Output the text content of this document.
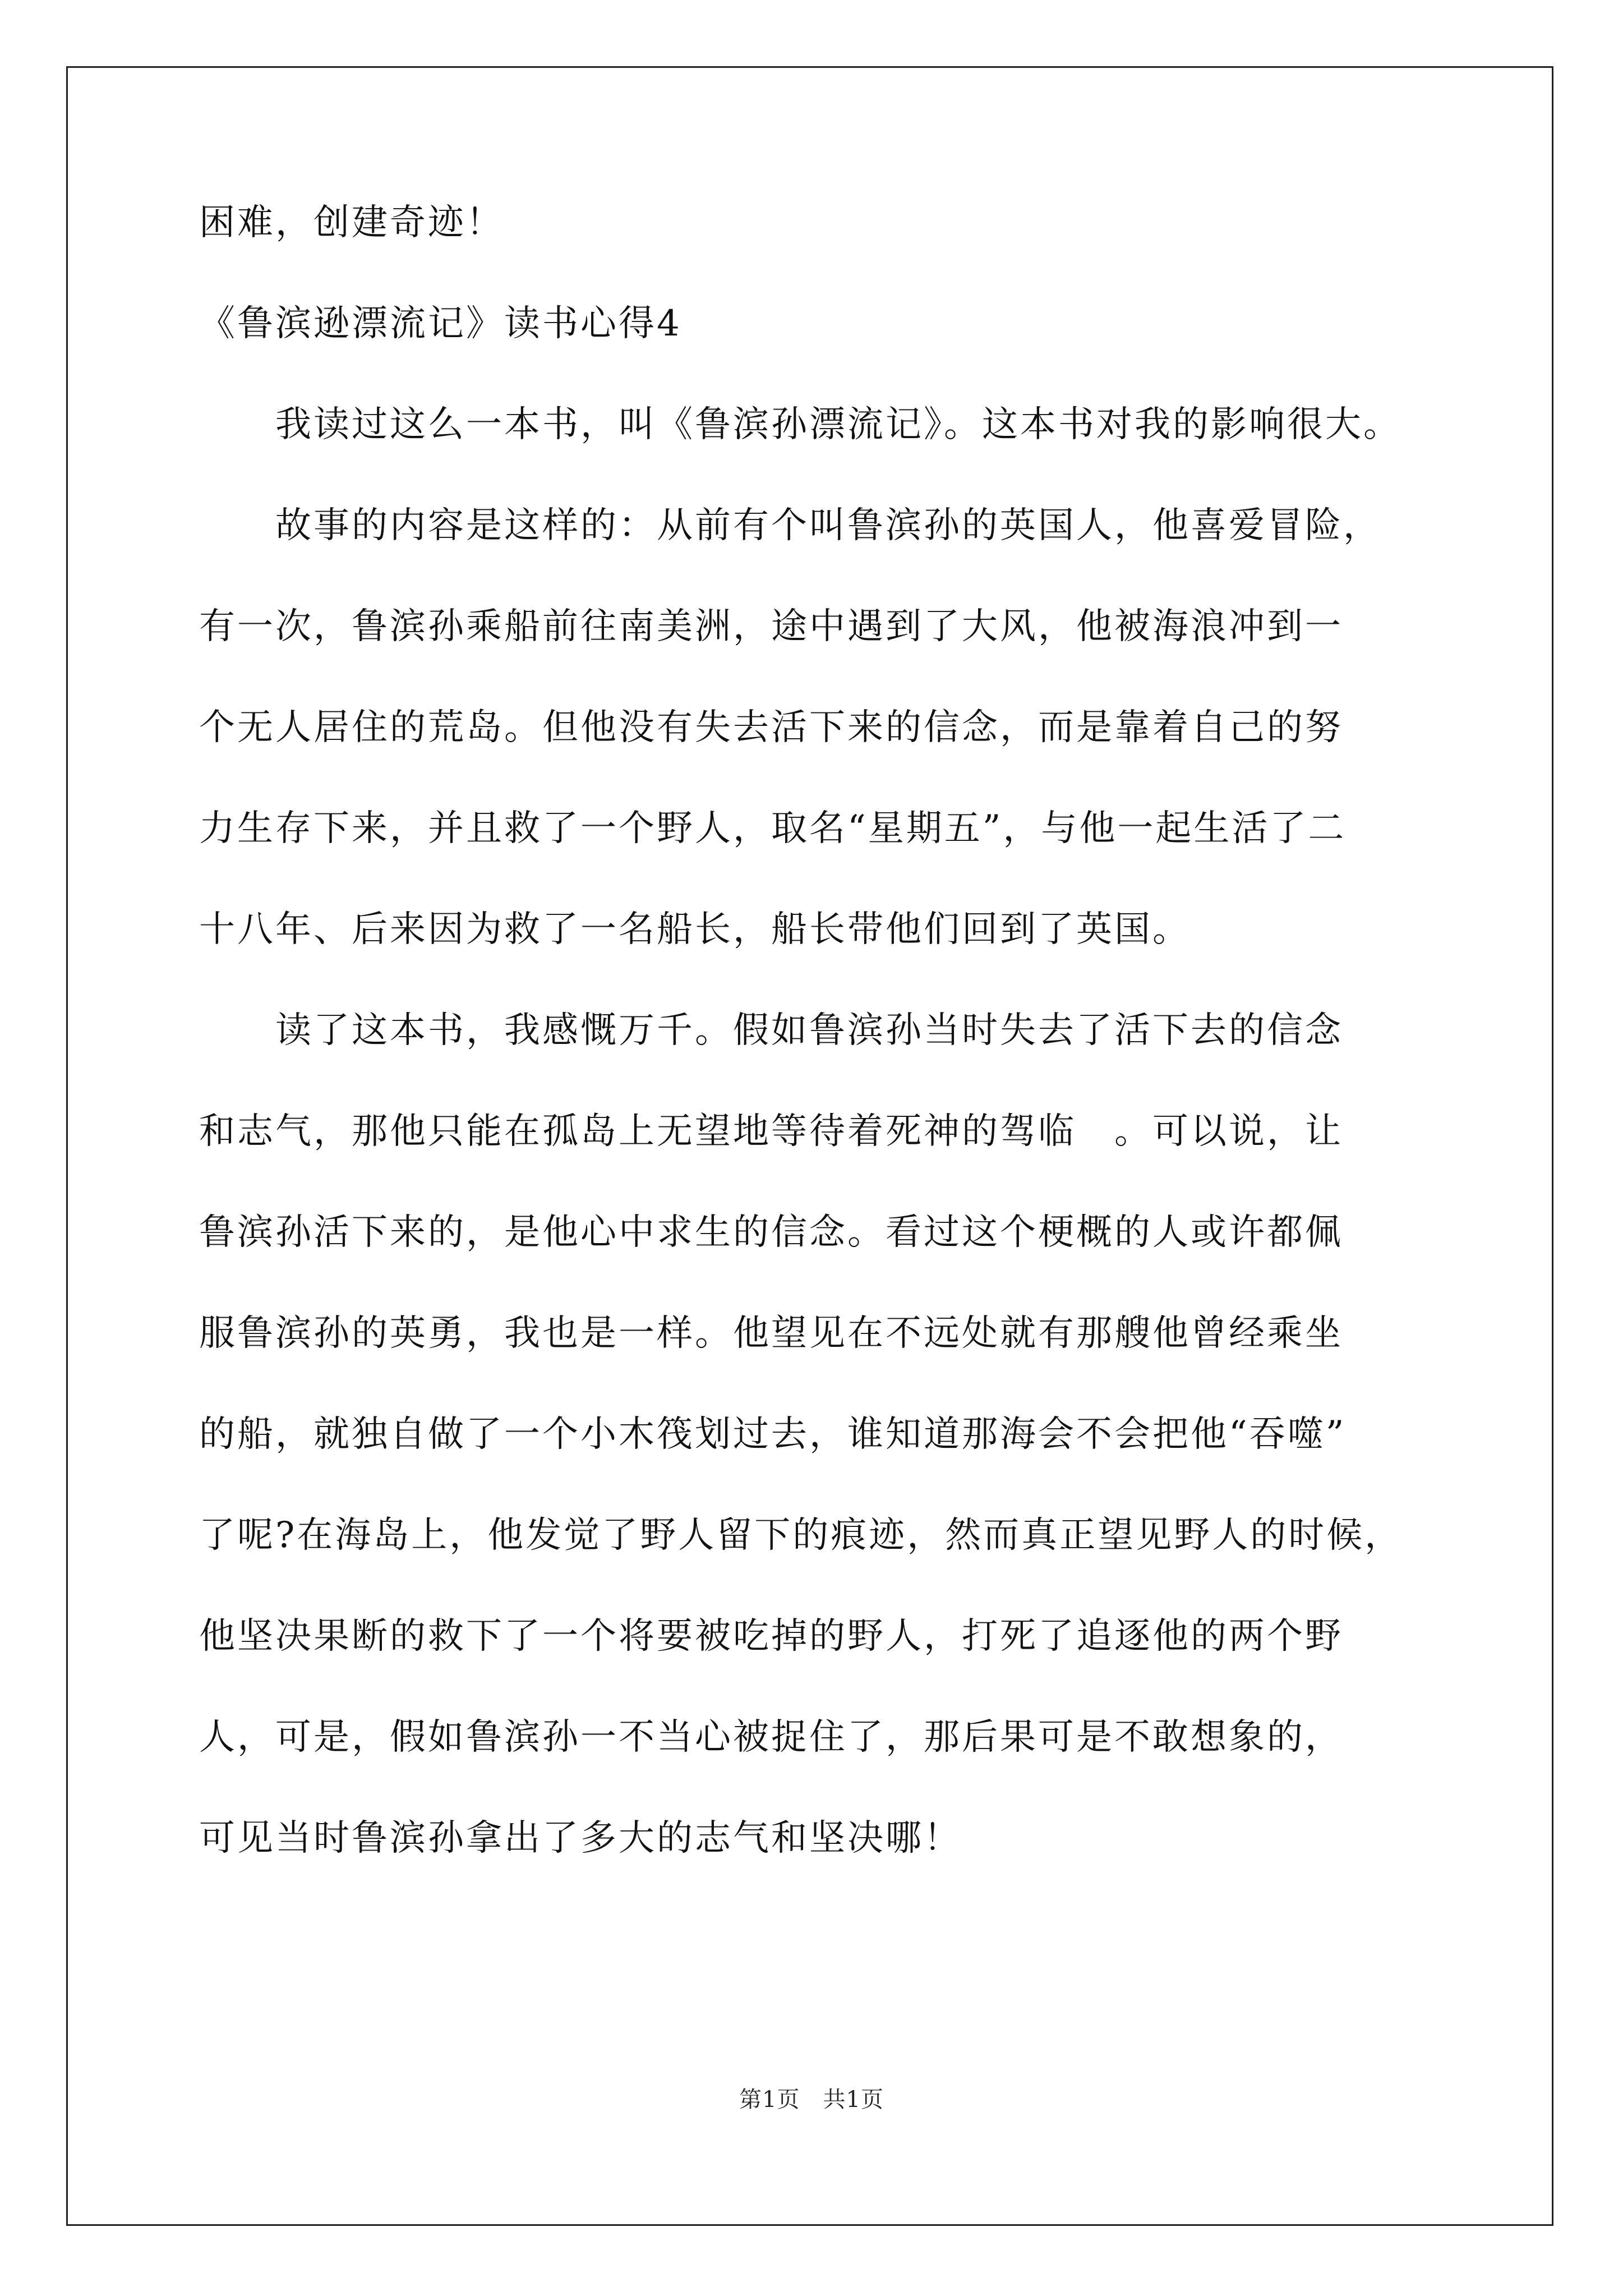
困难，创建奇迹！
《鲁滨逊漂流记》读书心得4
　　我读过这么一本书，叫《鲁滨孙漂流记》。这本书对我的影响很大。
　　故事的内容是这样的：从前有个叫鲁滨孙的英国人，他喜爱冒险，
有一次，鲁滨孙乘船前往南美洲，途中遇到了大风，他被海浪冲到一
个无人居住的荒岛。但他没有失去活下来的信念，而是靠着自己的努
力生存下来，并且救了一个野人，取名“星期五”，与他一起生活了二
十八年、后来因为救了一名船长，船长带他们回到了英国。
　　读了这本书，我感慨万千。假如鲁滨孙当时失去了活下去的信念
和志气，那他只能在孤岛上无望地等待着死神的驾临　。可以说，让
鲁滨孙活下来的，是他心中求生的信念。看过这个梗概的人或许都佩
服鲁滨孙的英勇，我也是一样。他望见在不远处就有那艘他曾经乘坐
的船，就独自做了一个小木筏划过去，谁知道那海会不会把他“吞噬”
了呢?在海岛上，他发觉了野人留下的痕迹，然而真正望见野人的时候，
他坚决果断的救下了一个将要被吃掉的野人，打死了追逐他的两个野
人，可是，假如鲁滨孙一不当心被捉住了，那后果可是不敢想象的，
可见当时鲁滨孙拿出了多大的志气和坚决哪！
第1页　共1页
